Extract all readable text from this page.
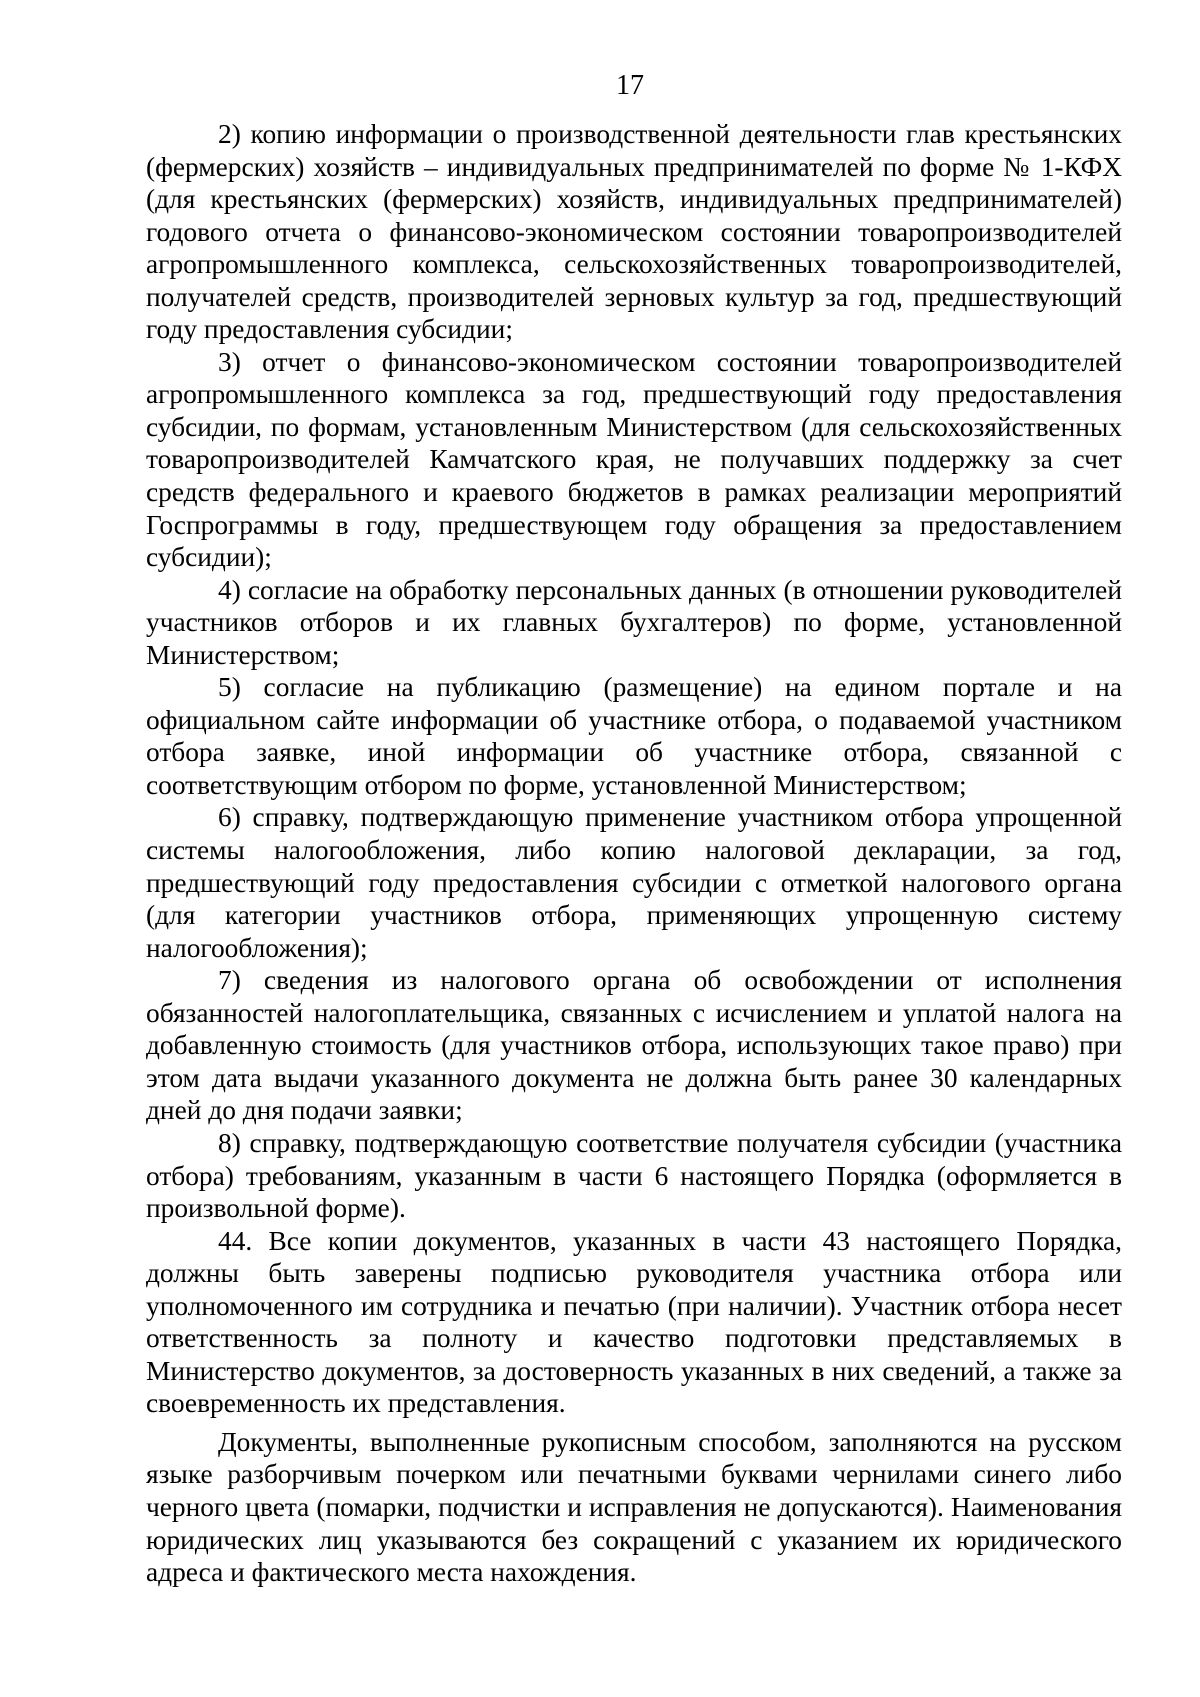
17

2) копию информации о производственной деятельности глав крестьянских (фермерских) хозяйств – индивидуальных предпринимателей по форме № 1-КФХ (для крестьянских (фермерских) хозяйств, индивидуальных предпринимателей) годового отчета о финансово-экономическом состоянии товаропроизводителей агропромышленного комплекса, сельскохозяйственных товаропроизводителей, получателей средств, производителей зерновых культур за год, предшествующий году предоставления субсидии;

3) отчет о финансово-экономическом состоянии товаропроизводителей агропромышленного комплекса за год, предшествующий году предоставления субсидии, по формам, установленным Министерством (для сельскохозяйственных товаропроизводителей Камчатского края, не получавших поддержку за счет средств федерального и краевого бюджетов в рамках реализации мероприятий Госпрограммы в году, предшествующем году обращения за предоставлением субсидии);

4) согласие на обработку персональных данных (в отношении руководителей участников отборов и их главных бухгалтеров) по форме, установленной Министерством;

5) согласие на публикацию (размещение) на едином портале и на официальном сайте информации об участнике отбора, о подаваемой участником отбора заявке, иной информации об участнике отбора, связанной с соответствующим отбором по форме, установленной Министерством;

6) справку, подтверждающую применение участником отбора упрощенной системы налогообложения, либо копию налоговой декларации, за год, предшествующий году предоставления субсидии с отметкой налогового органа (для категории участников отбора, применяющих упрощенную систему налогообложения);

7) сведения из налогового органа об освобождении от исполнения обязанностей налогоплательщика, связанных с исчислением и уплатой налога на добавленную стоимость (для участников отбора, использующих такое право) при этом дата выдачи указанного документа не должна быть ранее 30 календарных дней до дня подачи заявки;

8) справку, подтверждающую соответствие получателя субсидии (участника отбора) требованиям, указанным в части 6 настоящего Порядка (оформляется в произвольной форме).

44. Все копии документов, указанных в части 43 настоящего Порядка, должны быть заверены подписью руководителя участника отбора или уполномоченного им сотрудника и печатью (при наличии). Участник отбора несет ответственность за полноту и качество подготовки представляемых в Министерство документов, за достоверность указанных в них сведений, а также за своевременность их представления.

Документы, выполненные рукописным способом, заполняются на русском языке разборчивым почерком или печатными буквами чернилами синего либо черного цвета (помарки, подчистки и исправления не допускаются). Наименования юридических лиц указываются без сокращений с указанием их юридического адреса и фактического места нахождения.
